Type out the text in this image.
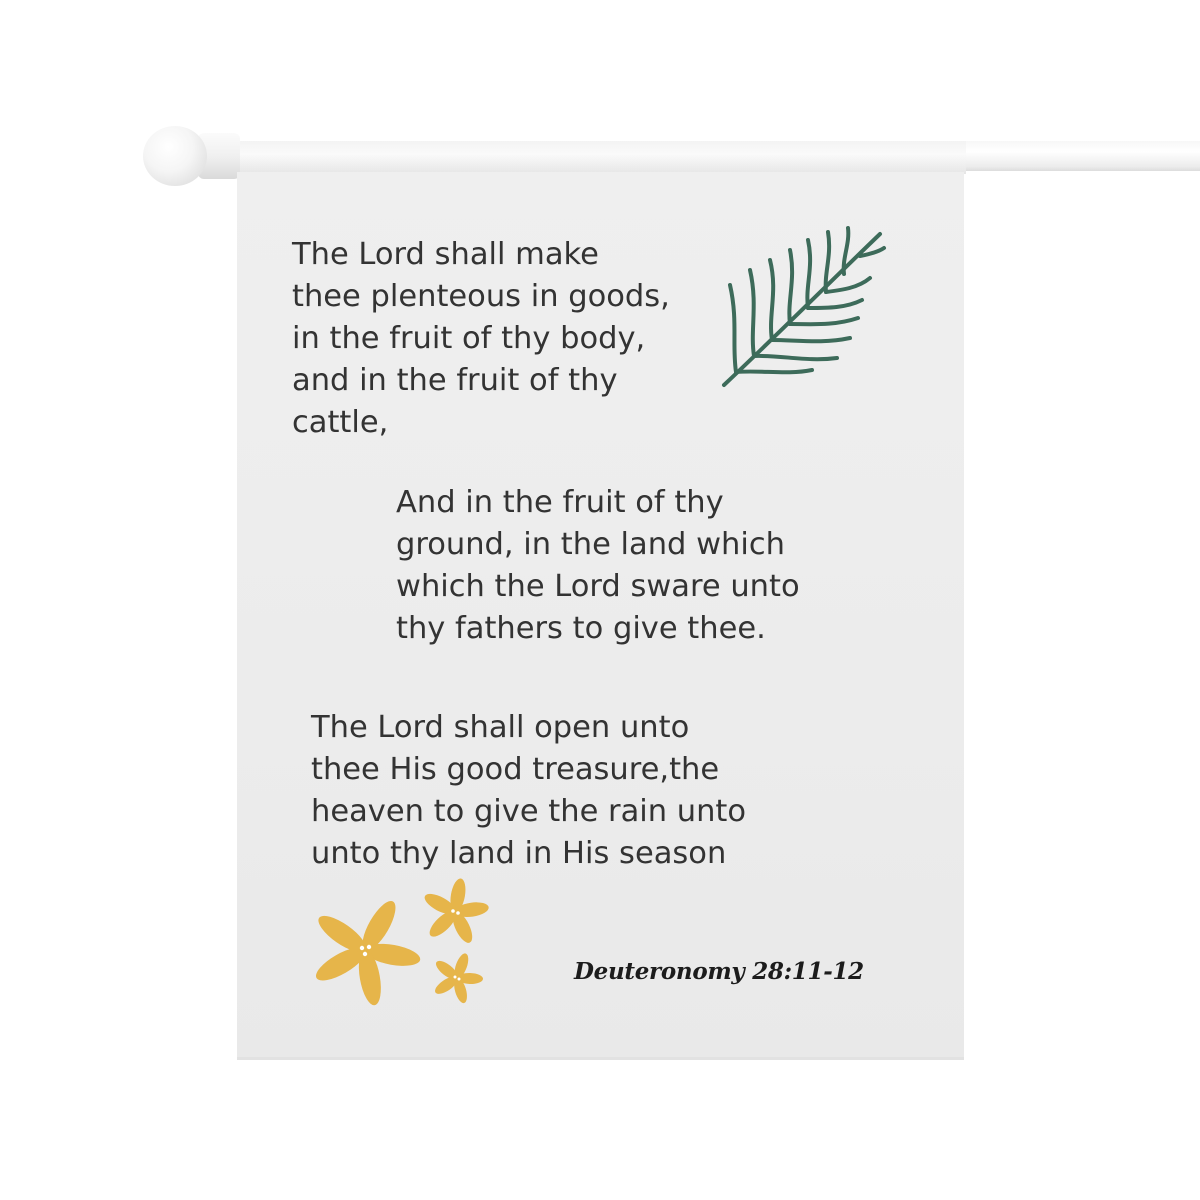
The Lord shall make
thee plenteous in goods,
in the fruit of thy body,
and in the fruit of thy
cattle,

And in the fruit of thy
ground, in the land which
which the Lord sware unto
thy fathers to give thee.

The Lord shall open unto
thee His good treasure,the
heaven to give the rain unto
unto thy land in His season

Deuteronomy 28:11-12
